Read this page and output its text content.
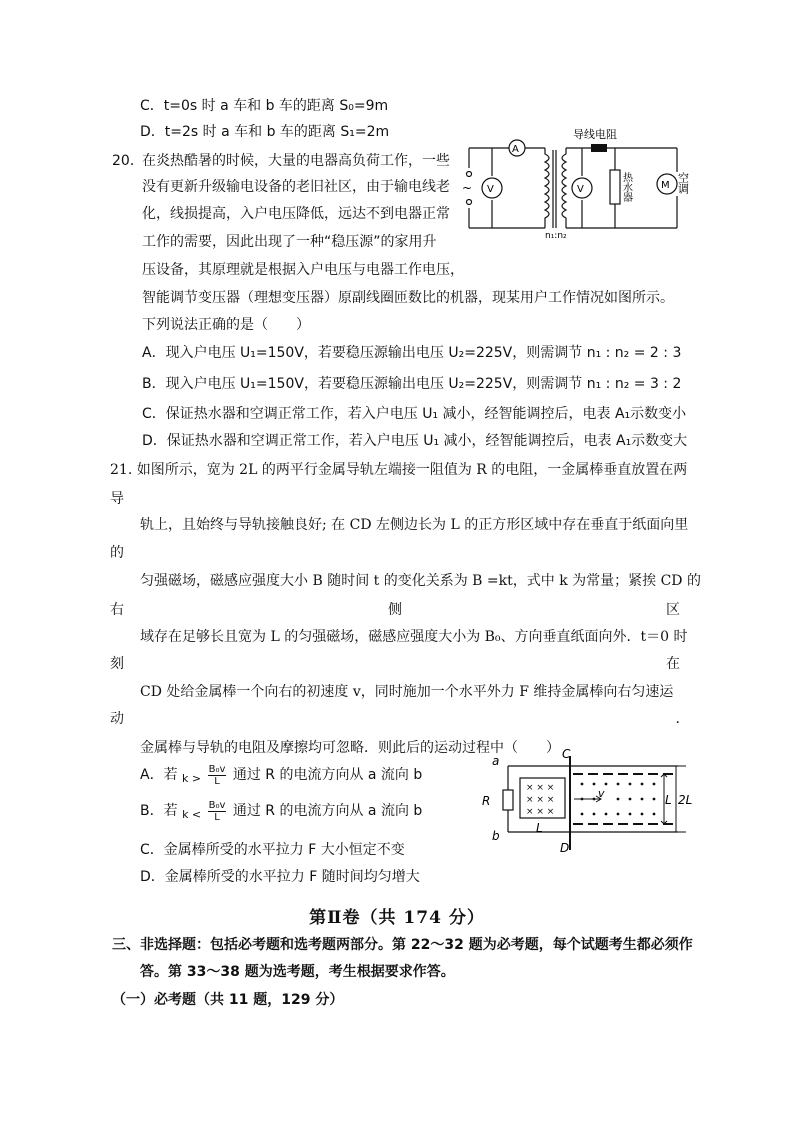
C．t=0s 时 a 车和 b 车的距离 S₀=9m
D．t=2s 时 a 车和 b 车的距离 S₁=2m
20．
在炎热酷暑的时候，大量的电器高负荷工作，一些
没有更新升级输电设备的老旧社区，由于输电线老
化，线损提高，入户电压降低，远达不到电器正常
工作的需要，因此出现了一种“稳压源”的家用升
压设备，其原理就是根据入户电压与电器工作电压，
智能调节变压器（理想变压器）原副线圈匝数比的机器，现某用户工作情况如图所示。
下列说法正确的是（　　）
A．现入户电压 U₁=150V，若要稳压源输出电压 U₂=225V，则需调节 n₁ : n₂ = 2 : 3
B．现入户电压 U₁=150V，若要稳压源输出电压 U₂=225V，则需调节 n₁ : n₂ = 3 : 2
C．保证热水器和空调正常工作，若入户电压 U₁ 减小，经智能调控后，电表 A₁示数变小
D．保证热水器和空调正常工作，若入户电压 U₁ 减小，经智能调控后，电表 A₁示数变大
导线电阻
A
V	V	M
~
n₁:n₂
热水器	空调
21. 如图所示，宽为 2L 的两平行金属导轨左端接一阻值为 R 的电阻，一金属棒垂直放置在两
导
轨上，且始终与导轨接触良好; 在 CD 左侧边长为 L 的正方形区域中存在垂直于纸面向里
的
匀强磁场，磁感应强度大小 B 随时间 t 的变化关系为 B =kt，式中 k 为常量；紧挨 CD 的
右	侧	区
域存在足够长且宽为 L 的匀强磁场，磁感应强度大小为 B₀、方向垂直纸面向外．t＝0 时
刻	在
CD 处给金属棒一个向右的初速度 v，同时施加一个水平外力 F 维持金属棒向右匀速运
动	.
金属棒与导轨的电阻及摩擦均可忽略．则此后的运动过程中（　　）
A．若 $_{k >} \frac{\text{B₀v}}{L}$ 通过 R 的电流方向从 a 流向 b
B．若 $_{k <} \frac{\text{B₀v}}{L}$ 通过 R 的电流方向从 a 流向 b
C．金属棒所受的水平拉力 F 大小恒定不变
D．金属棒所受的水平拉力 F 随时间均匀增大
× × ×
× × ×
× × ×
a
b
C
D
R
L
L 2L
v
第Ⅱ卷（共 174 分）
三、非选择题：包括必考题和选考题两部分。第 22～32 题为必考题，每个试题考生都必须作
答。第 33～38 题为选考题，考生根据要求作答。
（一）必考题（共 11 题，129 分）
